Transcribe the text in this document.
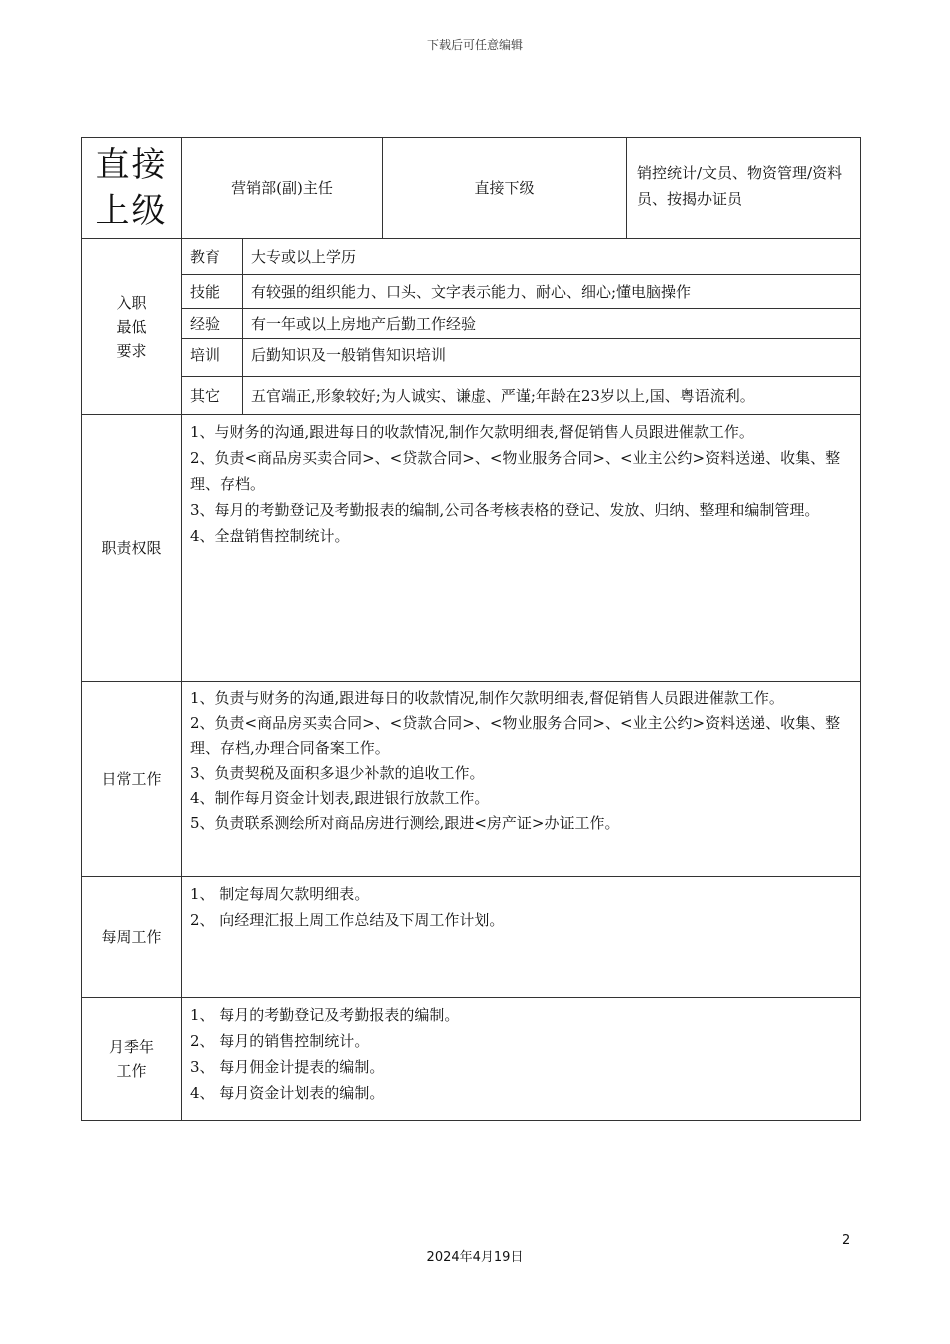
下载后可任意编辑
直接上级
营销部(副)主任	直接下级
销控统计/文员、物资管理/资料员、按揭办证员
入职最低要求
教育 大专或以上学历
技能 有较强的组织能力、口头、文字表示能力、耐心、细心;懂电脑操作
经验 有一年或以上房地产后勤工作经验
培训 后勤知识及一般销售知识培训
其它 五官端正,形象较好;为人诚实、谦虚、严谨;年龄在23岁以上,国、粤语流利。
职责权限

1、与财务的沟通,跟进每日的收款情况,制作欠款明细表,督促销售人员跟进催款工作。

2、负责<商品房买卖合同>、<贷款合同>、<物业服务合同>、<业主公约>资料送递、收集、整理、存档。

3、每月的考勤登记及考勤报表的编制,公司各考核表格的登记、发放、归纳、整理和编制管理。

4、全盘销售控制统计。

日常工作

1、负责与财务的沟通,跟进每日的收款情况,制作欠款明细表,督促销售人员跟进催款工作。

2、负责<商品房买卖合同>、<贷款合同>、<物业服务合同>、<业主公约>资料送递、收集、整理、存档,办理合同备案工作。

3、负责契税及面积多退少补款的追收工作。

4、制作每月资金计划表,跟进银行放款工作。

5、负责联系测绘所对商品房进行测绘,跟进<房产证>办证工作。

每周工作

1、 制定每周欠款明细表。

2、 向经理汇报上周工作总结及下周工作计划。

月季年工作

1、 每月的考勤登记及考勤报表的编制。

2、 每月的销售控制统计。

3、 每月佣金计提表的编制。

4、 每月资金计划表的编制。

2
2024年4月19日
